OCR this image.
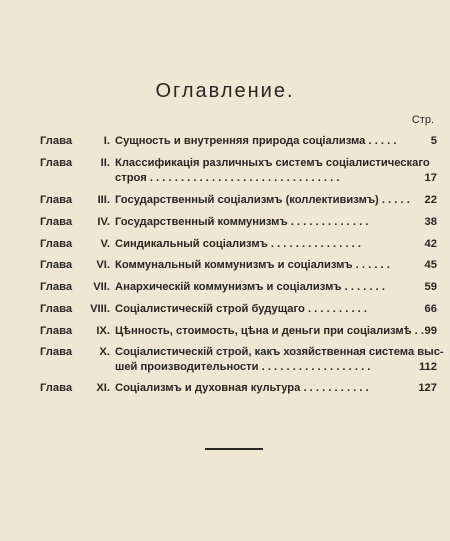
Оглавление.
Стр.
Глава	I. Сущность и внутренняя природа соціализма . . . . .	5
Глава	II. Классификація различныхъ системъ соціалистическаго
строя . . . . . . . . . . . . . . . . . . . . . . . . . . . . . . .	17
Глава	III. Государственный соціализмъ (коллективизмъ) . . . . .	22
Глава	IV. Государственный коммунизмъ . . . . . . . . . . . . .	38
Глава	V. Синдикальный соціализмъ . . . . . . . . . . . . . . .	42
Глава	VI. Коммунальный коммунизмъ и соціализмъ . . . . . .	45
Глава	VII. Анархическій коммунизмъ и соціализмъ . . . . . . .	59
Глава	VIII. Соціалистическій строй будущаго . . . . . . . . . .	66
Глава	IX. Цѣнность, стоимость, цѣна и деньги при соціализмѣ . . 99
Глава	X. Соціалистическій строй, какъ хозяйственная система выс-
шей производительности . . . . . . . . . . . . . . . . . .	112
Глава	XI. Соціализмъ и духовная культура . . . . . . . . . . .	127
